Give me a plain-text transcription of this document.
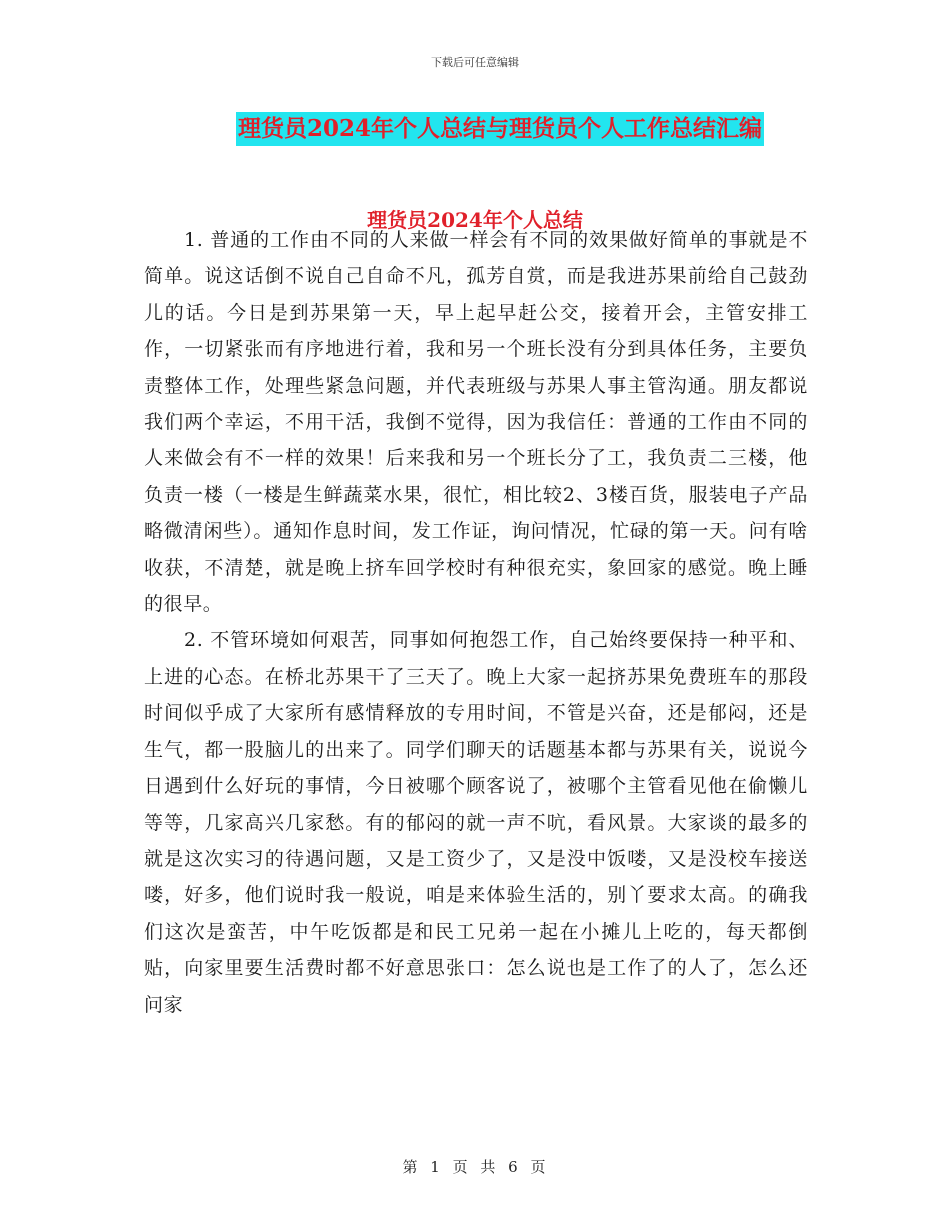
下载后可任意编辑
理货员2024年个人总结与理货员个人工作总结汇编
理货员2024年个人总结

1. 普通的工作由不同的人来做一样会有不同的效果做好简单的事就是不简单。说这话倒不说自己自命不凡，孤芳自赏，而是我进苏果前给自己鼓劲儿的话。今日是到苏果第一天，早上起早赶公交，接着开会，主管安排工作，一切紧张而有序地进行着，我和另一个班长没有分到具体任务，主要负责整体工作，处理些紧急问题，并代表班级与苏果人事主管沟通。朋友都说我们两个幸运，不用干活，我倒不觉得，因为我信任：普通的工作由不同的人来做会有不一样的效果！后来我和另一个班长分了工，我负责二三楼，他负责一楼（一楼是生鲜蔬菜水果，很忙，相比较2、3楼百货，服装电子产品略微清闲些）。通知作息时间，发工作证，询问情况，忙碌的第一天。问有啥收获，不清楚，就是晚上挤车回学校时有种很充实，象回家的感觉。晚上睡的很早。

2. 不管环境如何艰苦，同事如何抱怨工作，自己始终要保持一种平和、上进的心态。在桥北苏果干了三天了。晚上大家一起挤苏果免费班车的那段时间似乎成了大家所有感情释放的专用时间，不管是兴奋，还是郁闷，还是生气，都一股脑儿的出来了。同学们聊天的话题基本都与苏果有关，说说今日遇到什么好玩的事情，今日被哪个顾客说了，被哪个主管看见他在偷懒儿等等，几家高兴几家愁。有的郁闷的就一声不吭，看风景。大家谈的最多的就是这次实习的待遇问题，又是工资少了，又是没中饭喽，又是没校车接送喽，好多，他们说时我一般说，咱是来体验生活的，别丫要求太高。的确我们这次是蛮苦，中午吃饭都是和民工兄弟一起在小摊儿上吃的，每天都倒贴，向家里要生活费时都不好意思张口：怎么说也是工作了的人了，怎么还问家

第 1 页 共 6 页
